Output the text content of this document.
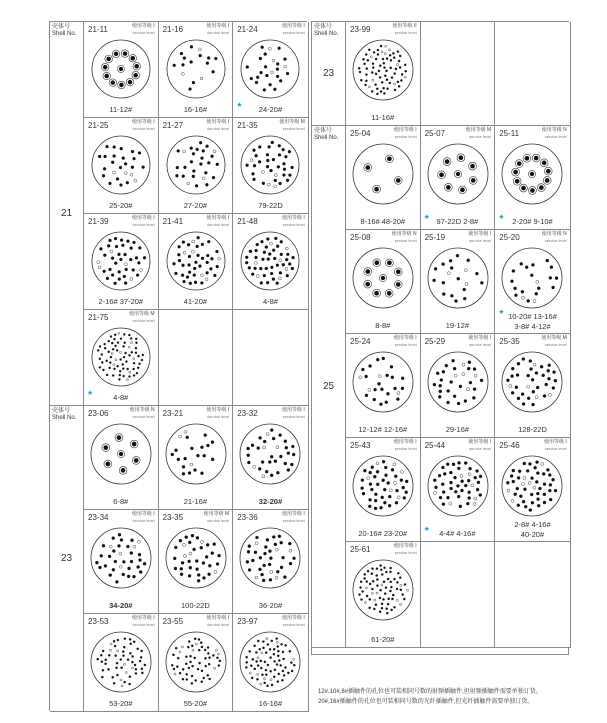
壳体号
Shell No.
21
21-11	使用等级 I
service level
11-12#
21-16	使用等级 I
service level
16-16#
21-24	使用等级 I
service level
24-20#
★
21-25	使用等级 I
service level
25-20#
21-27	使用等级 I
service level
27-20#
21-35	使用等级 M
service level
79-22D
21-39	使用等级 I
service level
2-16# 37-20#
21-41	使用等级 I
service level
41-20#
21-48	使用等级 I
service level
4-8#
21-75	使用等级 M
service level
4-8#
★
壳体号
Shell No.
23
23-06	使用等级 N
service level
6-8#
23-21	使用等级 I
service level
21-16#
23-32	使用等级 I
service level
32-20#
23-34	使用等级 I
service level
34-20#
23-35	使用等级 M
service level
100-22D
23-36	使用等级 I
service level
36-20#
23-53	使用等级 I
service level
53-20#
23-55	使用等级 I
service level
55-20#
23-97	使用等级 I
service level
16-16#
壳体号
Shell No.
23
23-99	使用等级 II
service level
11-16#
壳体号
Shell No.
25
25-04	使用等级 I
service level
8-16# 48-20#
25-07	使用等级 M
service level
97-22D 2-8#
★
25-11	使用等级 N
service level
2-20# 9-10#
★
25-08	使用等级 N
service level
8-8#
25-19	使用等级 I
service level
19-12#
25-20	使用等级 N
service level
10-20# 13-16#
3-8# 4-12#
★
25-24	使用等级 I
service level
12-12# 12-16#
25-29	使用等级 I
service level
29-16#
25-35	使用等级 M
service level
128-22D
25-43	使用等级 I
service level
20-16# 23-20#
25-44	使用等级 I
service level
4-4# 4-16#
★
25-46	使用等级 I
service level
2-8# 4-16#
40-20#
25-61	使用等级 I
service level
61-20#
12#,10#,8#插触件的孔位也可装相同号数的射频插触件,但射频插触件需要单独订货。
20#,16#插触件的孔位也可装相同号数的光纤插触件,但光纤插触件需要单独订货。
